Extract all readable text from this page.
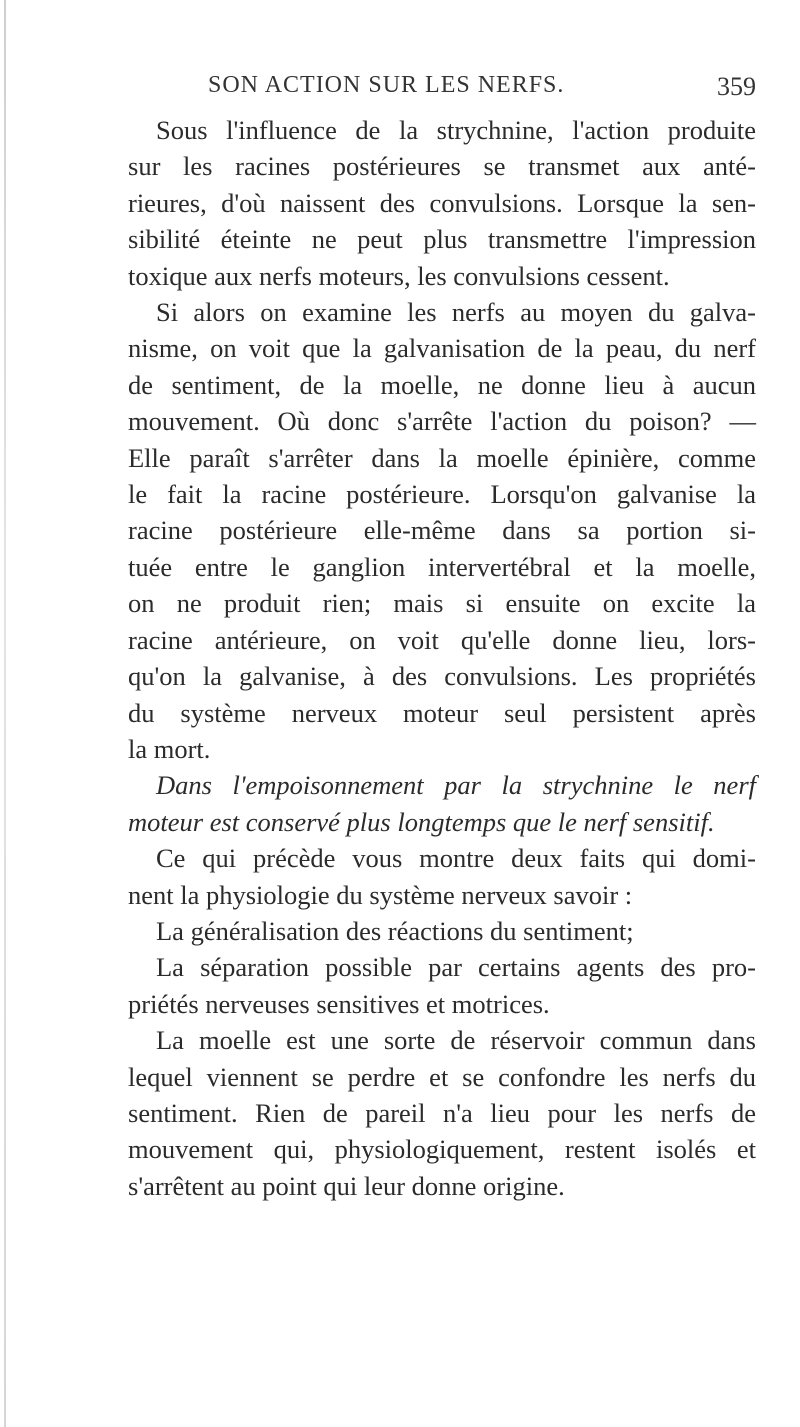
SON ACTION SUR LES NERFS.	359

Sous l'influence de la strychnine, l'action produite

sur les racines postérieures se transmet aux anté-

rieures, d'où naissent des convulsions. Lorsque la sen-

sibilité éteinte ne peut plus transmettre l'impression

toxique aux nerfs moteurs, les convulsions cessent.

Si alors on examine les nerfs au moyen du galva-

nisme, on voit que la galvanisation de la peau, du nerf

de sentiment, de la moelle, ne donne lieu à aucun

mouvement. Où donc s'arrête l'action du poison? —

Elle paraît s'arrêter dans la moelle épinière, comme

le fait la racine postérieure. Lorsqu'on galvanise la

racine postérieure elle-même dans sa portion si-

tuée entre le ganglion intervertébral et la moelle,

on ne produit rien; mais si ensuite on excite la

racine antérieure, on voit qu'elle donne lieu, lors-

qu'on la galvanise, à des convulsions. Les propriétés

du système nerveux moteur seul persistent après

la mort.

Dans l'empoisonnement par la strychnine le nerf

moteur est conservé plus longtemps que le nerf sensitif.

Ce qui précède vous montre deux faits qui domi-

nent la physiologie du système nerveux savoir :

La généralisation des réactions du sentiment;

La séparation possible par certains agents des pro-

priétés nerveuses sensitives et motrices.

La moelle est une sorte de réservoir commun dans

lequel viennent se perdre et se confondre les nerfs du

sentiment. Rien de pareil n'a lieu pour les nerfs de

mouvement qui, physiologiquement, restent isolés et

s'arrêtent au point qui leur donne origine.
